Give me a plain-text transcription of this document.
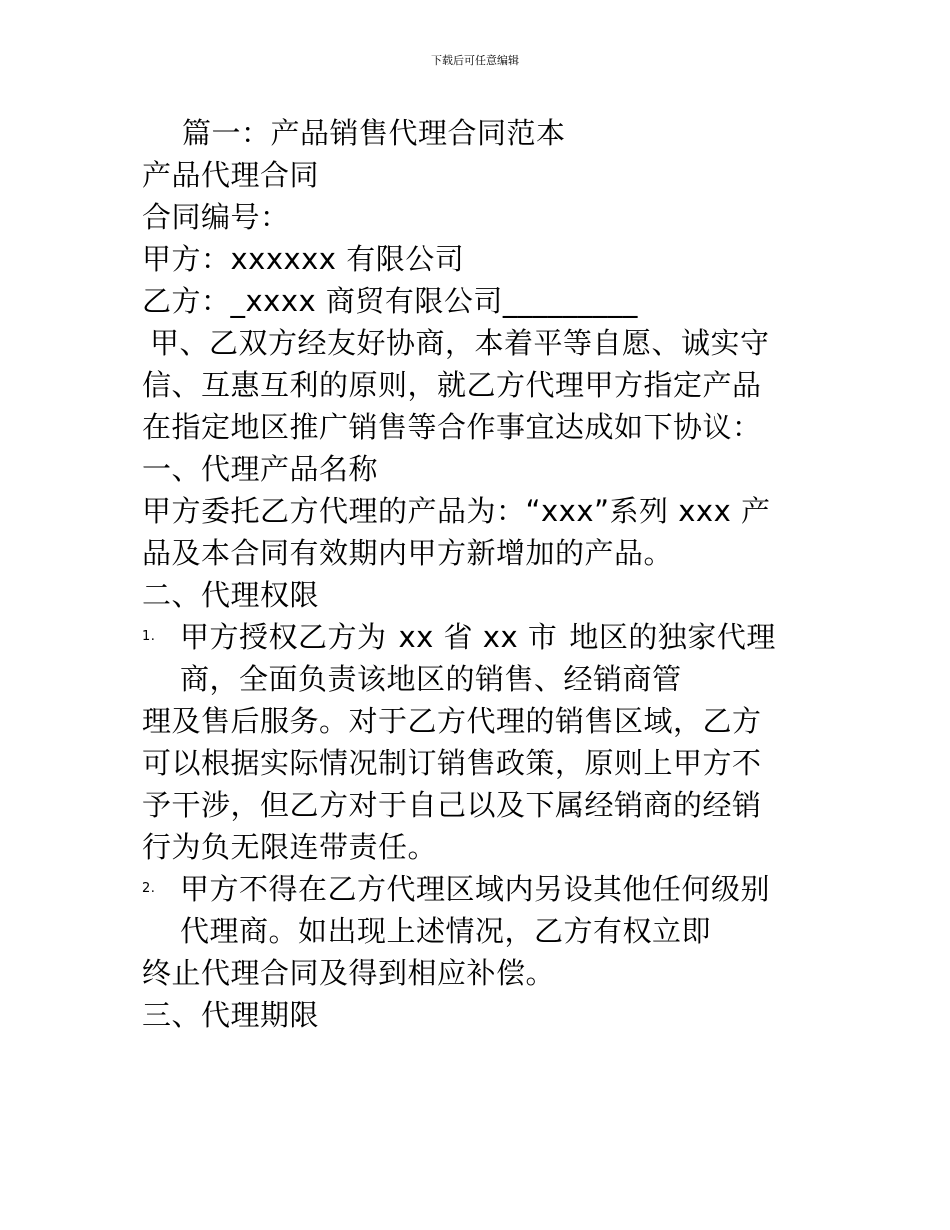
下载后可任意编辑
篇一：产品销售代理合同范本
产品代理合同
合同编号：
甲方：xxxxxx 有限公司
乙方：_xxxx 商贸有限公司_________
甲、乙双方经友好协商，本着平等自愿、诚实守
信、互惠互利的原则，就乙方代理甲方指定产品
在指定地区推广销售等合作事宜达成如下协议：
一、代理产品名称
甲方委托乙方代理的产品为：“xxx”系列 xxx 产
品及本合同有效期内甲方新增加的产品。
二、代理权限
1. 甲方授权乙方为 xx 省 xx 市 地区的独家代理
商，全面负责该地区的销售、经销商管
理及售后服务。对于乙方代理的销售区域，乙方
可以根据实际情况制订销售政策，原则上甲方不
予干涉，但乙方对于自己以及下属经销商的经销
行为负无限连带责任。
2. 甲方不得在乙方代理区域内另设其他任何级别
代理商。如出现上述情况，乙方有权立即
终止代理合同及得到相应补偿。
三、代理期限
